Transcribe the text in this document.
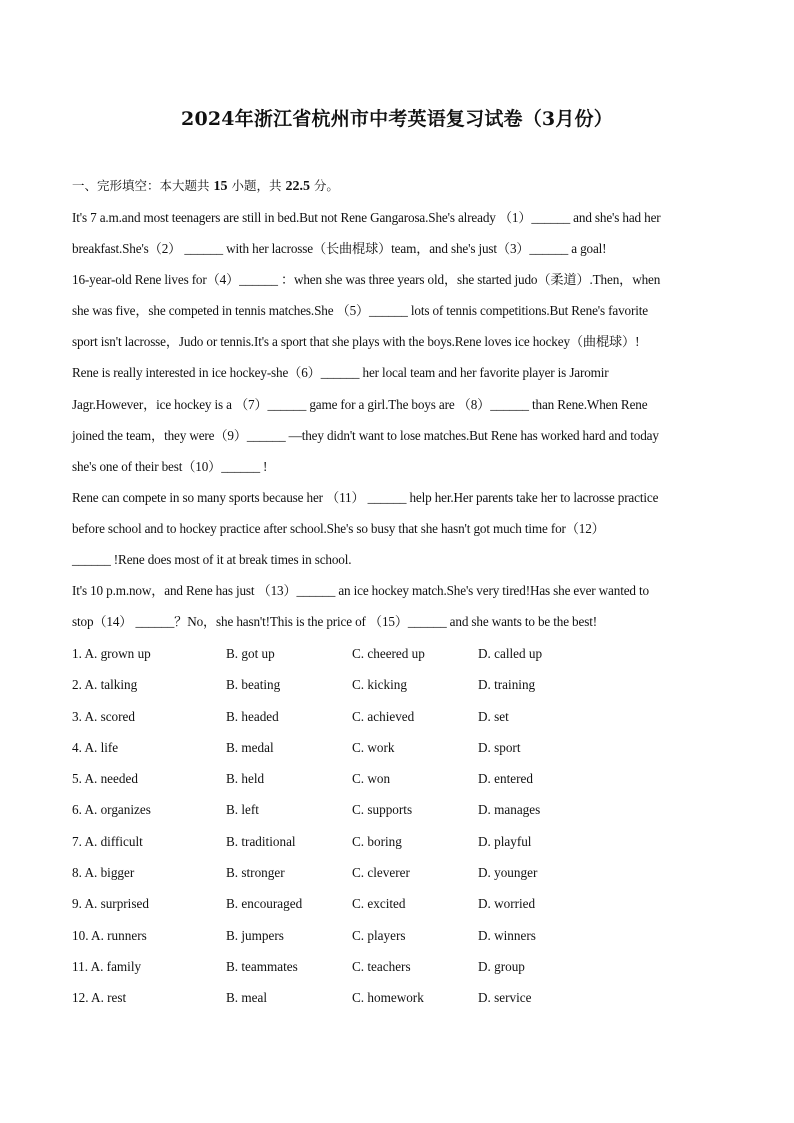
2024年浙江省杭州市中考英语复习试卷（3月份）
一、完形填空：本大题共 15 小题，共 22.5 分。
It's 7 a.m.and most teenagers are still in bed.But not Rene Gangarosa.She's already （1）______ and she's had her
breakfast.She's（2） ______ with her lacrosse（长曲棍球）team，and she's just（3）______ a goal!
16-year-old Rene lives for（4）______ ：when she was three years old，she started judo（柔道）.Then，when
she was five，she competed in tennis matches.She （5）______ lots of tennis competitions.But Rene's favorite
sport isn't lacrosse，Judo or tennis.It's a sport that she plays with the boys.Rene loves ice hockey（曲棍球）!
Rene is really interested in ice hockey-she（6）______ her local team and her favorite player is Jaromir
Jagr.However，ice hockey is a （7）______ game for a girl.The boys are （8）______ than Rene.When Rene
joined the team，they were（9）______ —they didn't want to lose matches.But Rene has worked hard and today
she's one of their best（10）______ !
Rene can compete in so many sports because her （11） ______ help her.Her parents take her to lacrosse practice
before school and to hockey practice after school.She's so busy that she hasn't got much time for（12）
______ !Rene does most of it at break times in school.
It's 10 p.m.now，and Rene has just （13）______ an ice hockey match.She's very tired!Has she ever wanted to
stop（14） ______？No，she hasn't!This is the price of （15）______ and she wants to be the best!
1. A. grown up	B. got up	C. cheered up	D. called up
2. A. talking	B. beating	C. kicking	D. training
3. A. scored	B. headed	C. achieved	D. set
4. A. life	B. medal	C. work	D. sport
5. A. needed	B. held	C. won	D. entered
6. A. organizes	B. left	C. supports	D. manages
7. A. difficult	B. traditional	C. boring	D. playful
8. A. bigger	B. stronger	C. cleverer	D. younger
9. A. surprised	B. encouraged	C. excited	D. worried
10. A. runners	B. jumpers	C. players	D. winners
11. A. family	B. teammates	C. teachers	D. group
12. A. rest	B. meal	C. homework	D. service
